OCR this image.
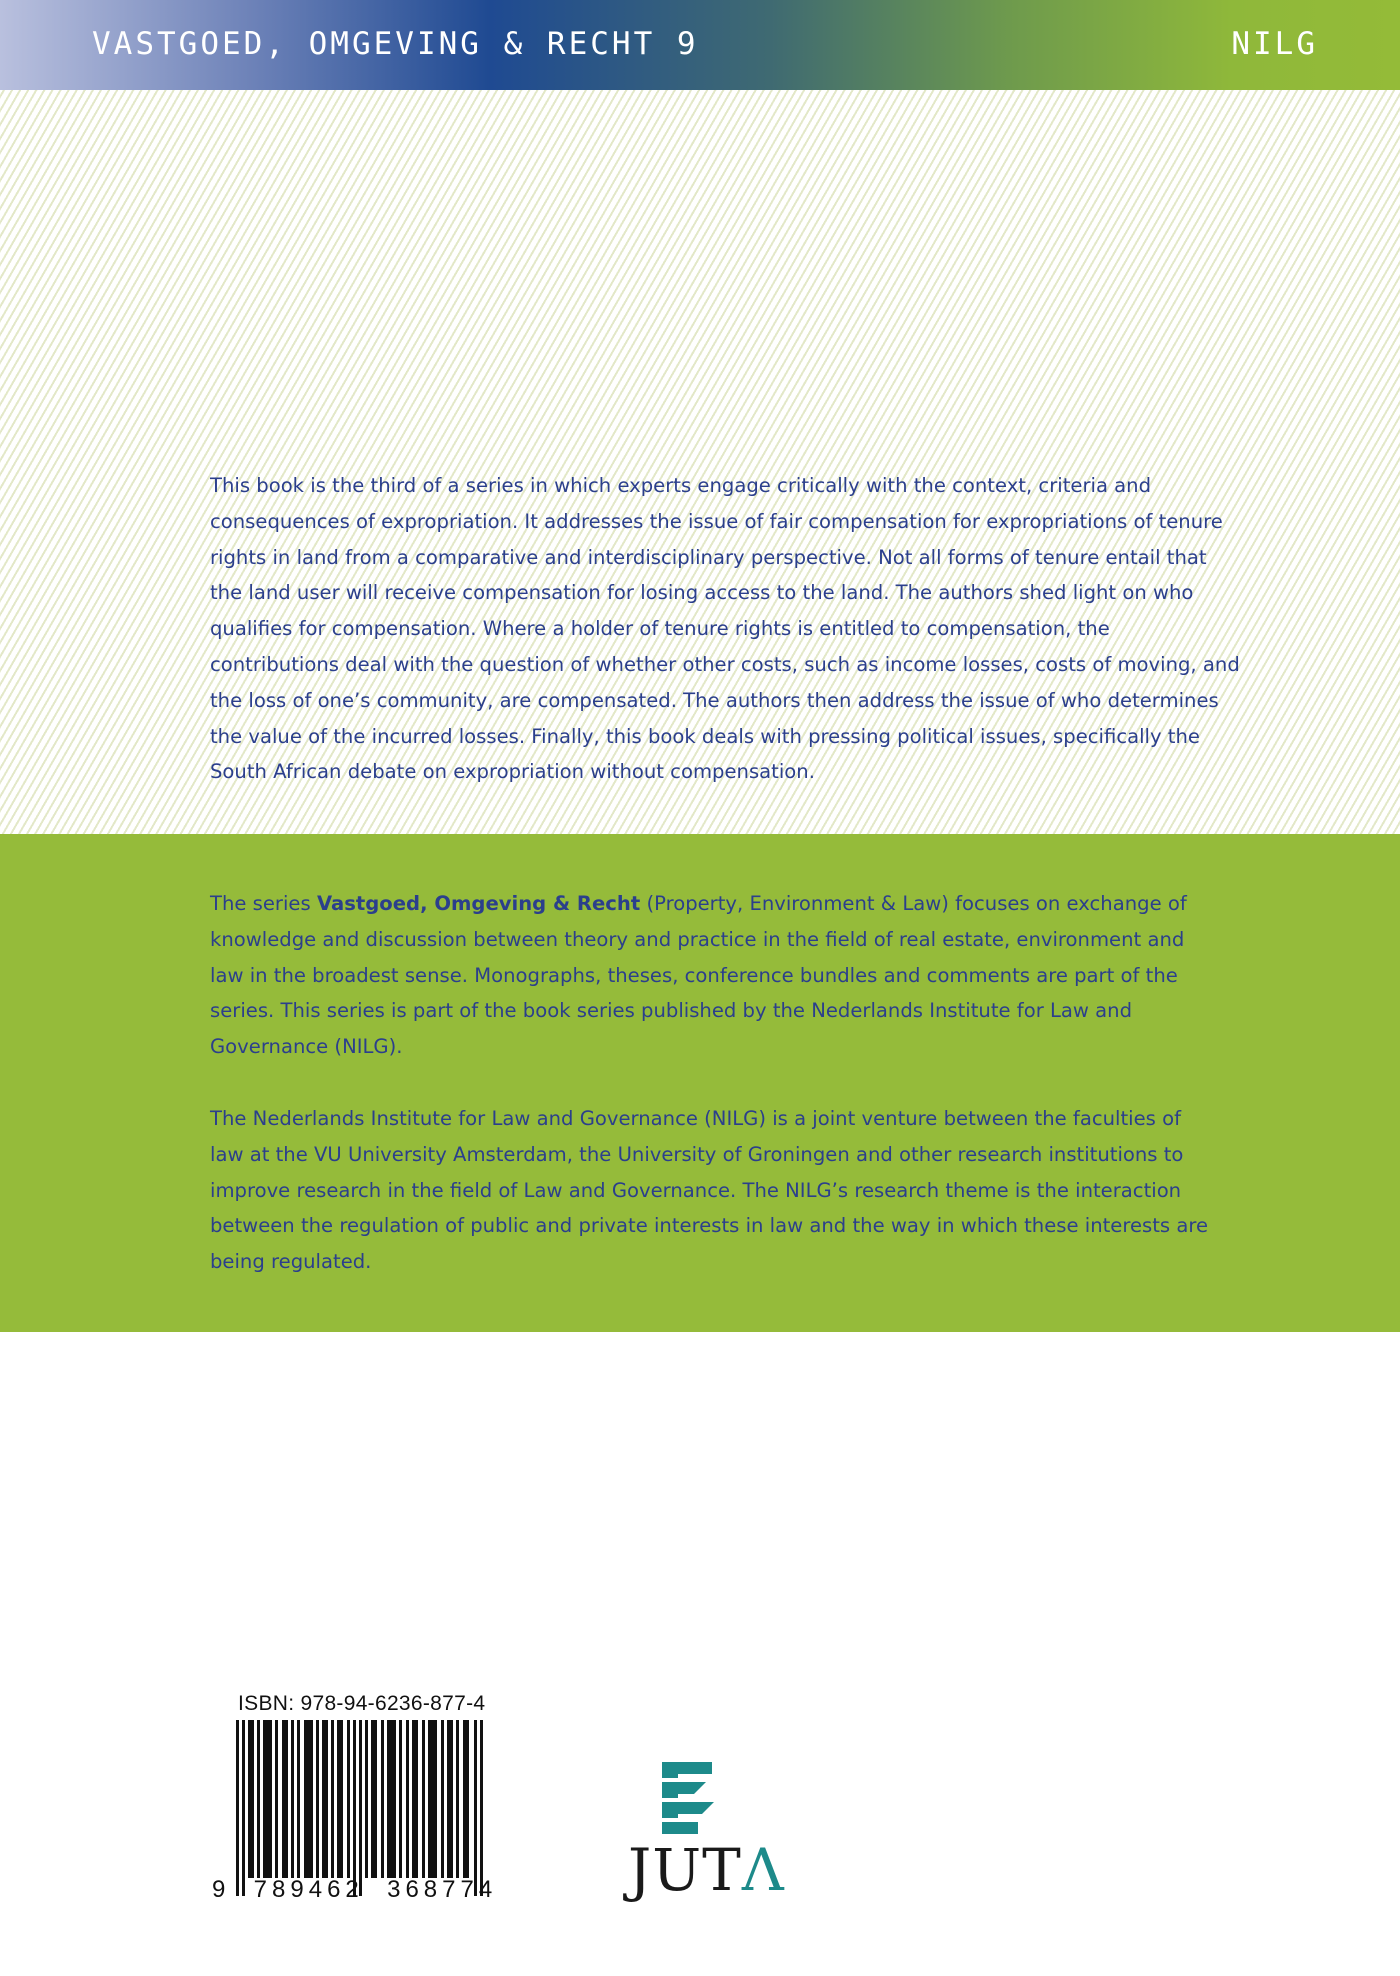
VASTGOED, OMGEVING & RECHT 9	NILG

This book is the third of a series in which experts engage critically with the context, criteria and consequences of expropriation. It addresses the issue of fair compensation for expropriations of tenure rights in land from a comparative and interdisciplinary perspective. Not all forms of tenure entail that the land user will receive compensation for losing access to the land. The authors shed light on who qualifies for compensation. Where a holder of tenure rights is entitled to compensation, the contributions deal with the question of whether other costs, such as income losses, costs of moving, and the loss of one’s community, are compensated. The authors then address the issue of who determines the value of the incurred losses. Finally, this book deals with pressing political issues, specifically the South African debate on expropriation without compensation.

The series Vastgoed, Omgeving & Recht (Property, Environment & Law) focuses on exchange of knowledge and discussion between theory and practice in the field of real estate, environment and law in the broadest sense. Monographs, theses, conference bundles and comments are part of the series. This series is part of the book series published by the Nederlands Institute for Law and Governance (NILG).

The Nederlands Institute for Law and Governance (NILG) is a joint venture between the faculties of law at the VU University Amsterdam, the University of Groningen and other research institutions to improve research in the field of Law and Governance. The NILG’s research theme is the interaction between the regulation of public and private interests in law and the way in which these interests are being regulated.

ISBN: 978-94-6236-877-4
9  789462  368774 JUTΛ
